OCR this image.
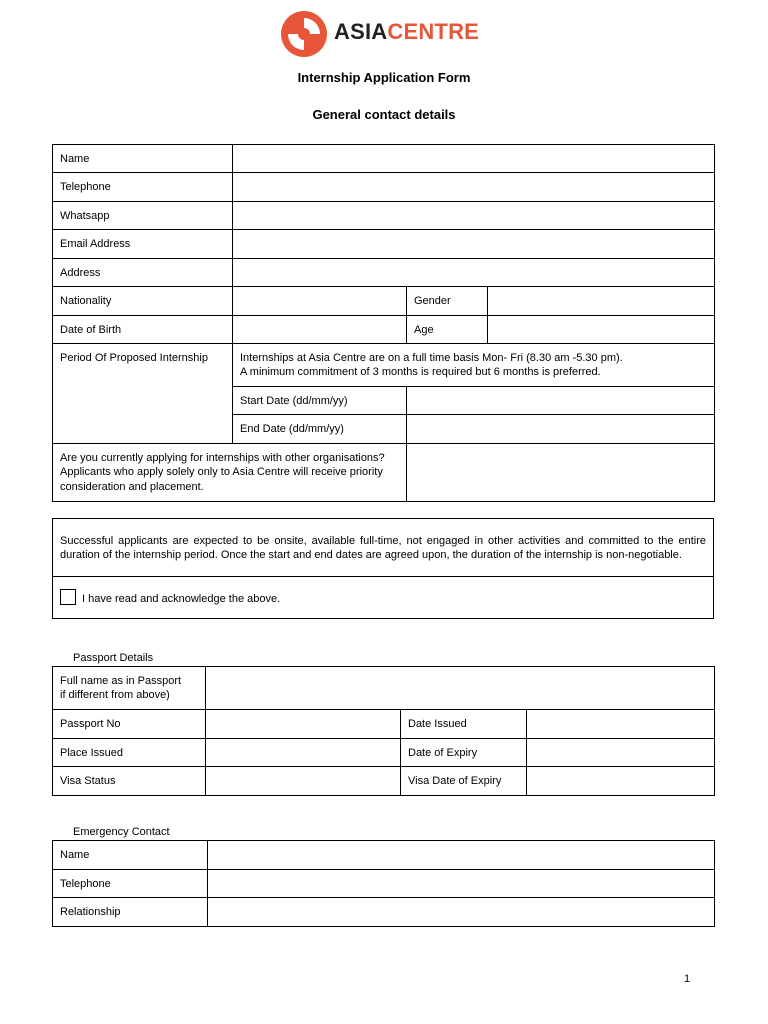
ASIACENTRE
Internship Application Form
General contact details
Name			
Telephone			
Whatsapp			
Email Address			
Address			
Nationality		Gender	
Date of Birth		Age	
Period Of Proposed Internship	Internships at Asia Centre are on a full time basis Mon- Fri (8.30 am -5.30 pm).
A minimum commitment of 3 months is required but 6 months is preferred.		

	Start Date (dd/mm/yy)		
	End Date (dd/mm/yy)		
Are you currently applying for internships with other organisations? Applicants who apply solely only to Asia Centre will receive priority consideration and placement.			
Successful applicants are expected to be onsite, available full-time, not engaged in other activities and committed to the entire duration of the internship period. Once the start and end dates are agreed upon, the duration of the internship is non-negotiable.
I have read and acknowledge the above.
Passport Details
Full name as in Passport
if different from above)			

Passport No		Date Issued	
Place Issued		Date of Expiry	
Visa Status		Visa Date of Expiry	
Emergency Contact
Name	
Telephone	
Relationship	
1
